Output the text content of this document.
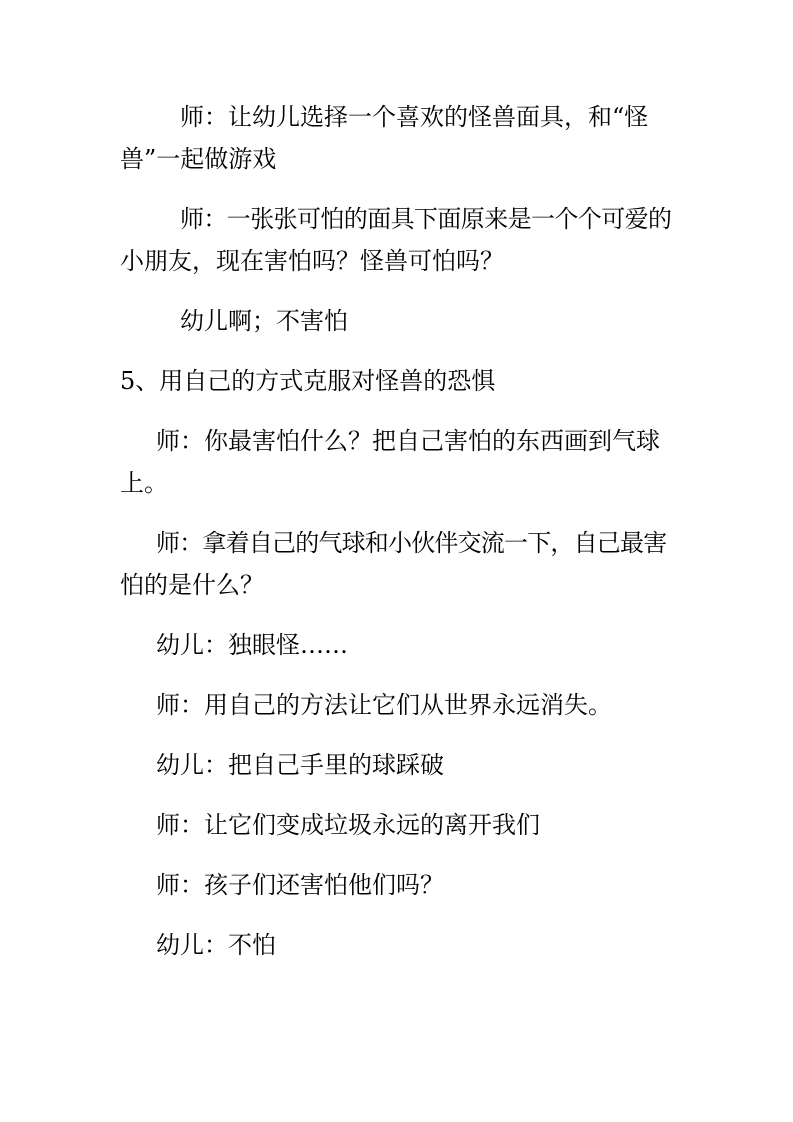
师：让幼儿选择一个喜欢的怪兽面具，和“怪
兽”一起做游戏

师：一张张可怕的面具下面原来是一个个可爱的
小朋友，现在害怕吗？怪兽可怕吗？

幼儿啊；不害怕

5、用自己的方式克服对怪兽的恐惧

师：你最害怕什么？把自己害怕的东西画到气球
上。

师：拿着自己的气球和小伙伴交流一下，自己最害
怕的是什么？

幼儿：独眼怪……

师：用自己的方法让它们从世界永远消失。

幼儿：把自己手里的球踩破

师：让它们变成垃圾永远的离开我们

师：孩子们还害怕他们吗？

幼儿：不怕
